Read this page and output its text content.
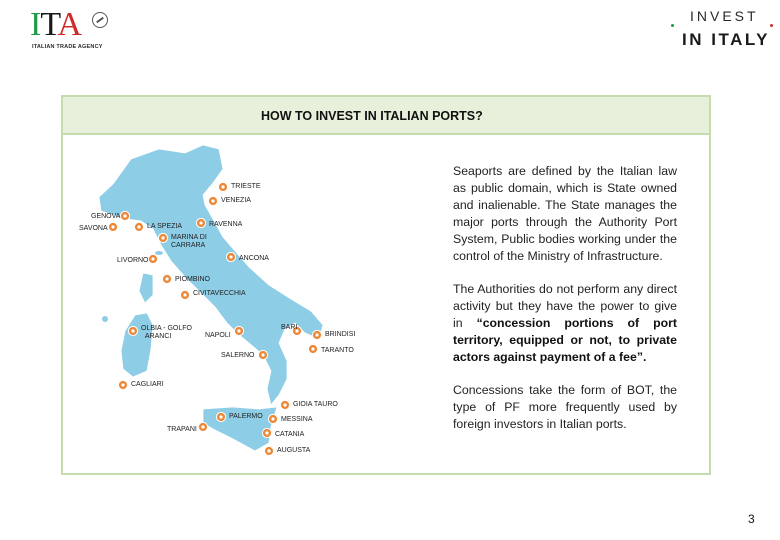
ITA
ITALIAN TRADE AGENCY
INVEST
IN ITALY
HOW TO INVEST IN ITALIAN PORTS?
TRIESTE
VENEZIA
GENOVA
SAVONA	LA SPEZIA	RAVENNA
MARINA DI
CARRARA
LIVORNO	ANCONA
PIOMBINO
CIVITAVECCHIA
OLBIA - GOLFO
ARANCI
BARI
NAPOLI	BRINDISI
SALERNO
TARANTO
CAGLIARI
GIOIA TAURO
PALERMO	MESSINA
TRAPANI
CATANIA
AUGUSTA

Seaports are defined by the Italian law as public domain, which is State owned and inalienable. The State manages the major ports through the Authority Port System, Public bodies working under the control of the Ministry of Infrastructure.

The Authorities do not perform any direct activity but they have the power to give in “concession portions of port territory, equipped or not, to private actors against payment of a fee”.

Concessions take the form of BOT, the type of PF more frequently used by foreign investors in Italian ports.

3
